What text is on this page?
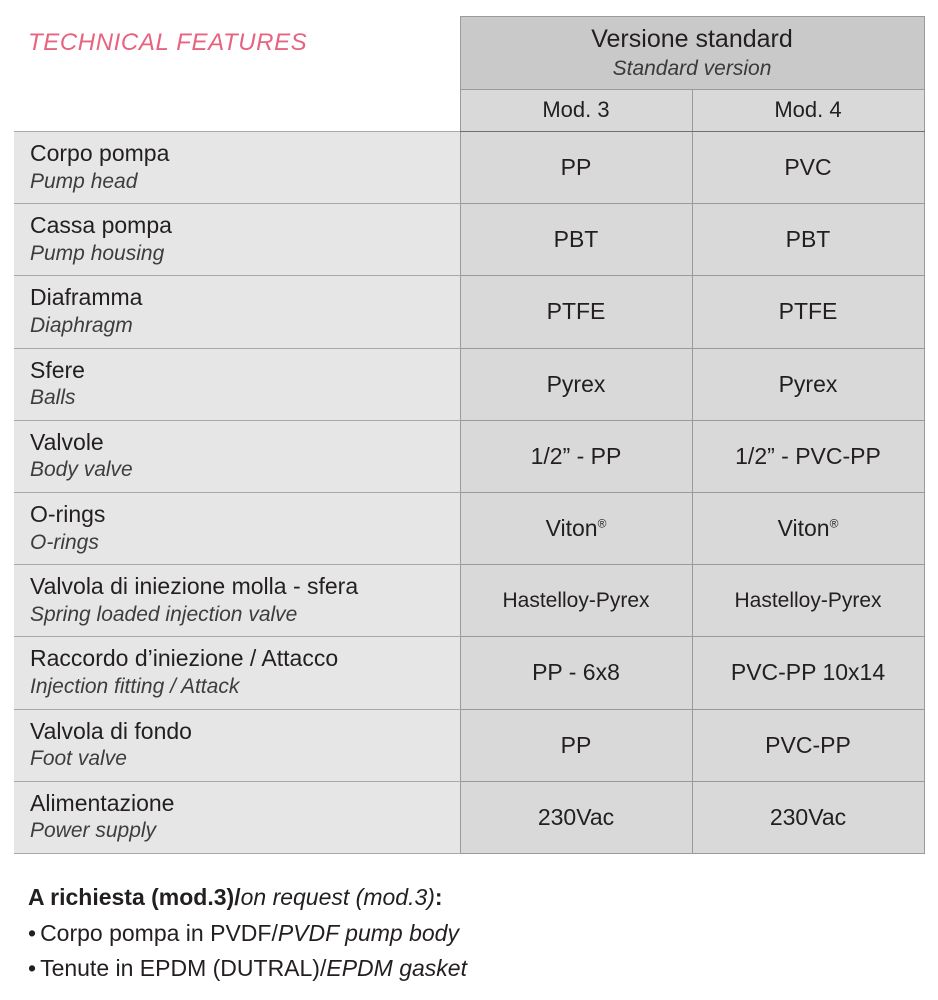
TECHNICAL FEATURES	Versione standard
Standard version	

	Mod. 3	Mod. 4

Corpo pompa
Pump head	PP	PVC

Cassa pompa
Pump housing	PBT	PBT

Diaframma
Diaphragm	PTFE	PTFE

Sfere
Balls	Pyrex	Pyrex

Valvole
Body valve	1/2” - PP	1/2” - PVC-PP

O-rings
O-rings	Viton®	Viton®

Valvola di iniezione molla - sfera
Spring loaded injection valve	Hastelloy-Pyrex	Hastelloy-Pyrex

Raccordo d’iniezione / Attacco
Injection fitting / Attack	PP - 6x8	PVC-PP 10x14

Valvola di fondo
Foot valve	PP	PVC-PP

Alimentazione
Power supply	230Vac	230Vac
A richiesta (mod.3)/on request (mod.3):
• Corpo pompa in PVDF/PVDF pump body
• Tenute in EPDM (DUTRAL)/EPDM gasket
